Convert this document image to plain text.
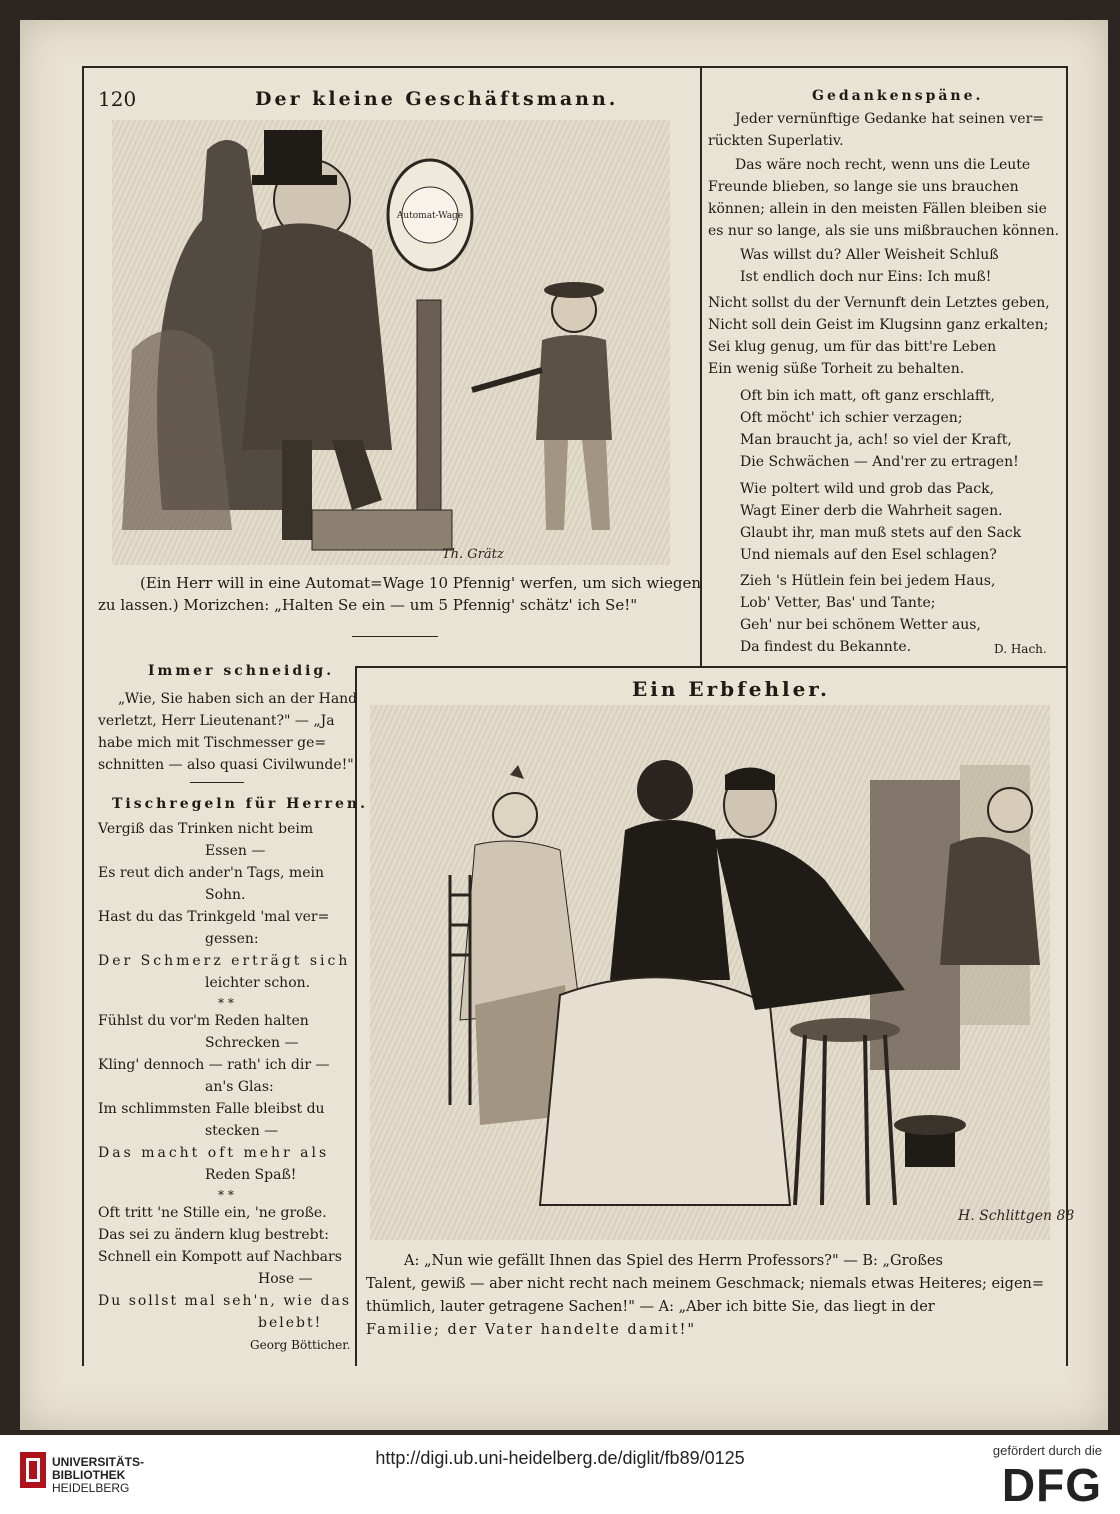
120	Der kleine Geschäftsmann.
Automat-Wage
Th. Grätz
(Ein Herr will in eine Automat=Wage 10 Pfennig' werfen, um sich wiegen
zu lassen.) Morizchen: „Halten Se ein — um 5 Pfennig' schätz' ich Se!"
Gedankenspäne.
Jeder vernünftige Gedanke hat seinen ver=
rückten Superlativ.
Das wäre noch recht, wenn uns die Leute
Freunde blieben, so lange sie uns brauchen
können; allein in den meisten Fällen bleiben sie
es nur so lange, als sie uns mißbrauchen können.
Was willst du? Aller Weisheit Schluß
Ist endlich doch nur Eins: Ich muß!
Nicht sollst du der Vernunft dein Letztes geben,
Nicht soll dein Geist im Klugsinn ganz erkalten;
Sei klug genug, um für das bitt're Leben
Ein wenig süße Torheit zu behalten.
Oft bin ich matt, oft ganz erschlafft,
Oft möcht' ich schier verzagen;
Man braucht ja, ach! so viel der Kraft,
Die Schwächen — And'rer zu ertragen!
Wie poltert wild und grob das Pack,
Wagt Einer derb die Wahrheit sagen.
Glaubt ihr, man muß stets auf den Sack
Und niemals auf den Esel schlagen?
Zieh 's Hütlein fein bei jedem Haus,
Lob' Vetter, Bas' und Tante;
Geh' nur bei schönem Wetter aus,
Da findest du Bekannte.	D. Hach.
Immer schneidig.
„Wie, Sie haben sich an der Hand
verletzt, Herr Lieutenant?" — „Ja
habe mich mit Tischmesser ge=
schnitten — also quasi Civilwunde!"
Tischregeln für Herren.
Vergiß das Trinken nicht beim
Essen —
Es reut dich ander'n Tags, mein
Sohn.
Hast du das Trinkgeld 'mal ver=
gessen:
Der Schmerz erträgt sich
leichter schon.
* *
Fühlst du vor'm Reden halten
Schrecken —
Kling' dennoch — rath' ich dir —
an's Glas:
Im schlimmsten Falle bleibst du
stecken —
Das macht oft mehr als
Reden Spaß!
* *
Oft tritt 'ne Stille ein, 'ne große.
Das sei zu ändern klug bestrebt:
Schnell ein Kompott auf Nachbars
Hose —
Du sollst mal seh'n, wie das
belebt!
Georg Bötticher.
Ein Erbfehler.
H. Schlittgen 88
A: „Nun wie gefällt Ihnen das Spiel des Herrn Professors?" — B: „Großes
Talent, gewiß — aber nicht recht nach meinem Geschmack; niemals etwas Heiteres; eigen=
thümlich, lauter getragene Sachen!" — A: „Aber ich bitte Sie, das liegt in der
Familie; der Vater handelte damit!"
UNIVERSITÄTS-
BIBLIOTHEK
HEIDELBERG
http://digi.ub.uni-heidelberg.de/diglit/fb89/0125	gefördert durch die
DFG
